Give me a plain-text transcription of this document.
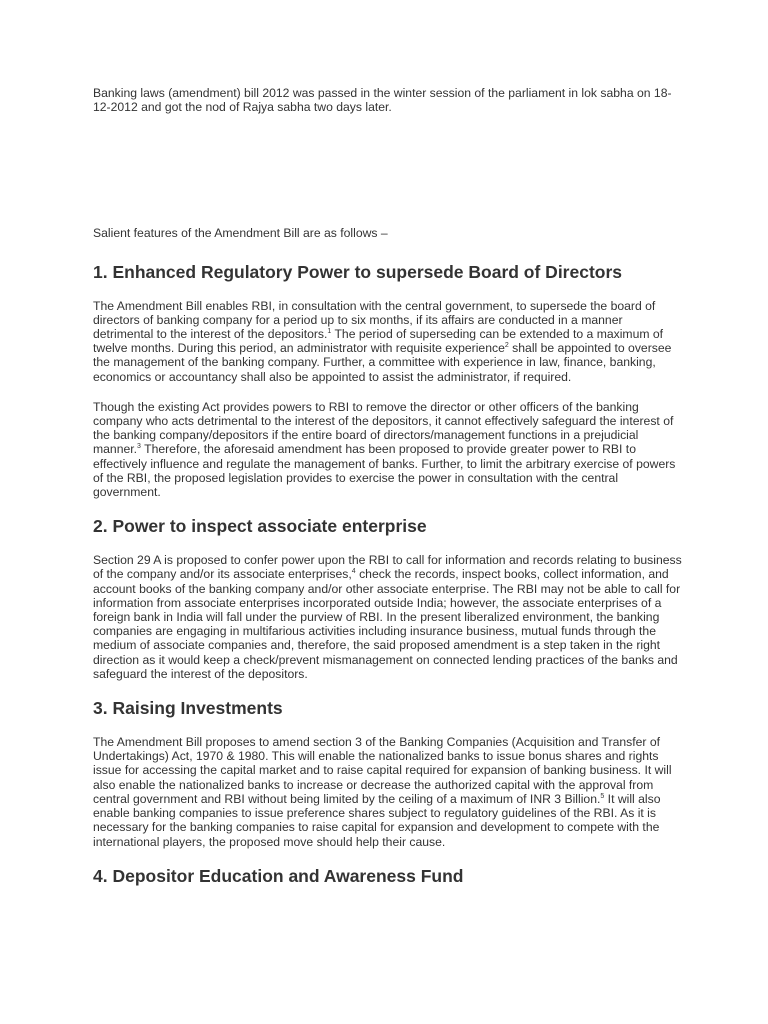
Banking laws (amendment) bill 2012 was passed in the winter session of the parliament in lok sabha on 18-12-2012 and got the nod of Rajya sabha two days later.

Salient features of the Amendment Bill are as follows –

1. Enhanced Regulatory Power to supersede Board of Directors

The Amendment Bill enables RBI, in consultation with the central government, to supersede the board of directors of banking company for a period up to six months, if its affairs are conducted in a manner detrimental to the interest of the depositors.$^1$ The period of superseding can be extended to a maximum of twelve months. During this period, an administrator with requisite experience$^2$ shall be appointed to oversee the management of the banking company. Further, a committee with experience in law, finance, banking, economics or accountancy shall also be appointed to assist the administrator, if required.

Though the existing Act provides powers to RBI to remove the director or other officers of the banking company who acts detrimental to the interest of the depositors, it cannot effectively safeguard the interest of the banking company/depositors if the entire board of directors/management functions in a prejudicial manner.$^3$ Therefore, the aforesaid amendment has been proposed to provide greater power to RBI to effectively influence and regulate the management of banks. Further, to limit the arbitrary exercise of powers of the RBI, the proposed legislation provides to exercise the power in consultation with the central government.

2. Power to inspect associate enterprise

Section 29 A is proposed to confer power upon the RBI to call for information and records relating to business of the company and/or its associate enterprises,$^4$ check the records, inspect books, collect information, and account books of the banking company and/or other associate enterprise. The RBI may not be able to call for information from associate enterprises incorporated outside India; however, the associate enterprises of a foreign bank in India will fall under the purview of RBI. In the present liberalized environment, the banking companies are engaging in multifarious activities including insurance business, mutual funds through the medium of associate companies and, therefore, the said proposed amendment is a step taken in the right direction as it would keep a check/prevent mismanagement on connected lending practices of the banks and safeguard the interest of the depositors.

3. Raising Investments

The Amendment Bill proposes to amend section 3 of the Banking Companies (Acquisition and Transfer of Undertakings) Act, 1970 & 1980. This will enable the nationalized banks to issue bonus shares and rights issue for accessing the capital market and to raise capital required for expansion of banking business. It will also enable the nationalized banks to increase or decrease the authorized capital with the approval from central government and RBI without being limited by the ceiling of a maximum of INR 3 Billion.$^5$ It will also enable banking companies to issue preference shares subject to regulatory guidelines of the RBI. As it is necessary for the banking companies to raise capital for expansion and development to compete with the international players, the proposed move should help their cause.

4. Depositor Education and Awareness Fund
